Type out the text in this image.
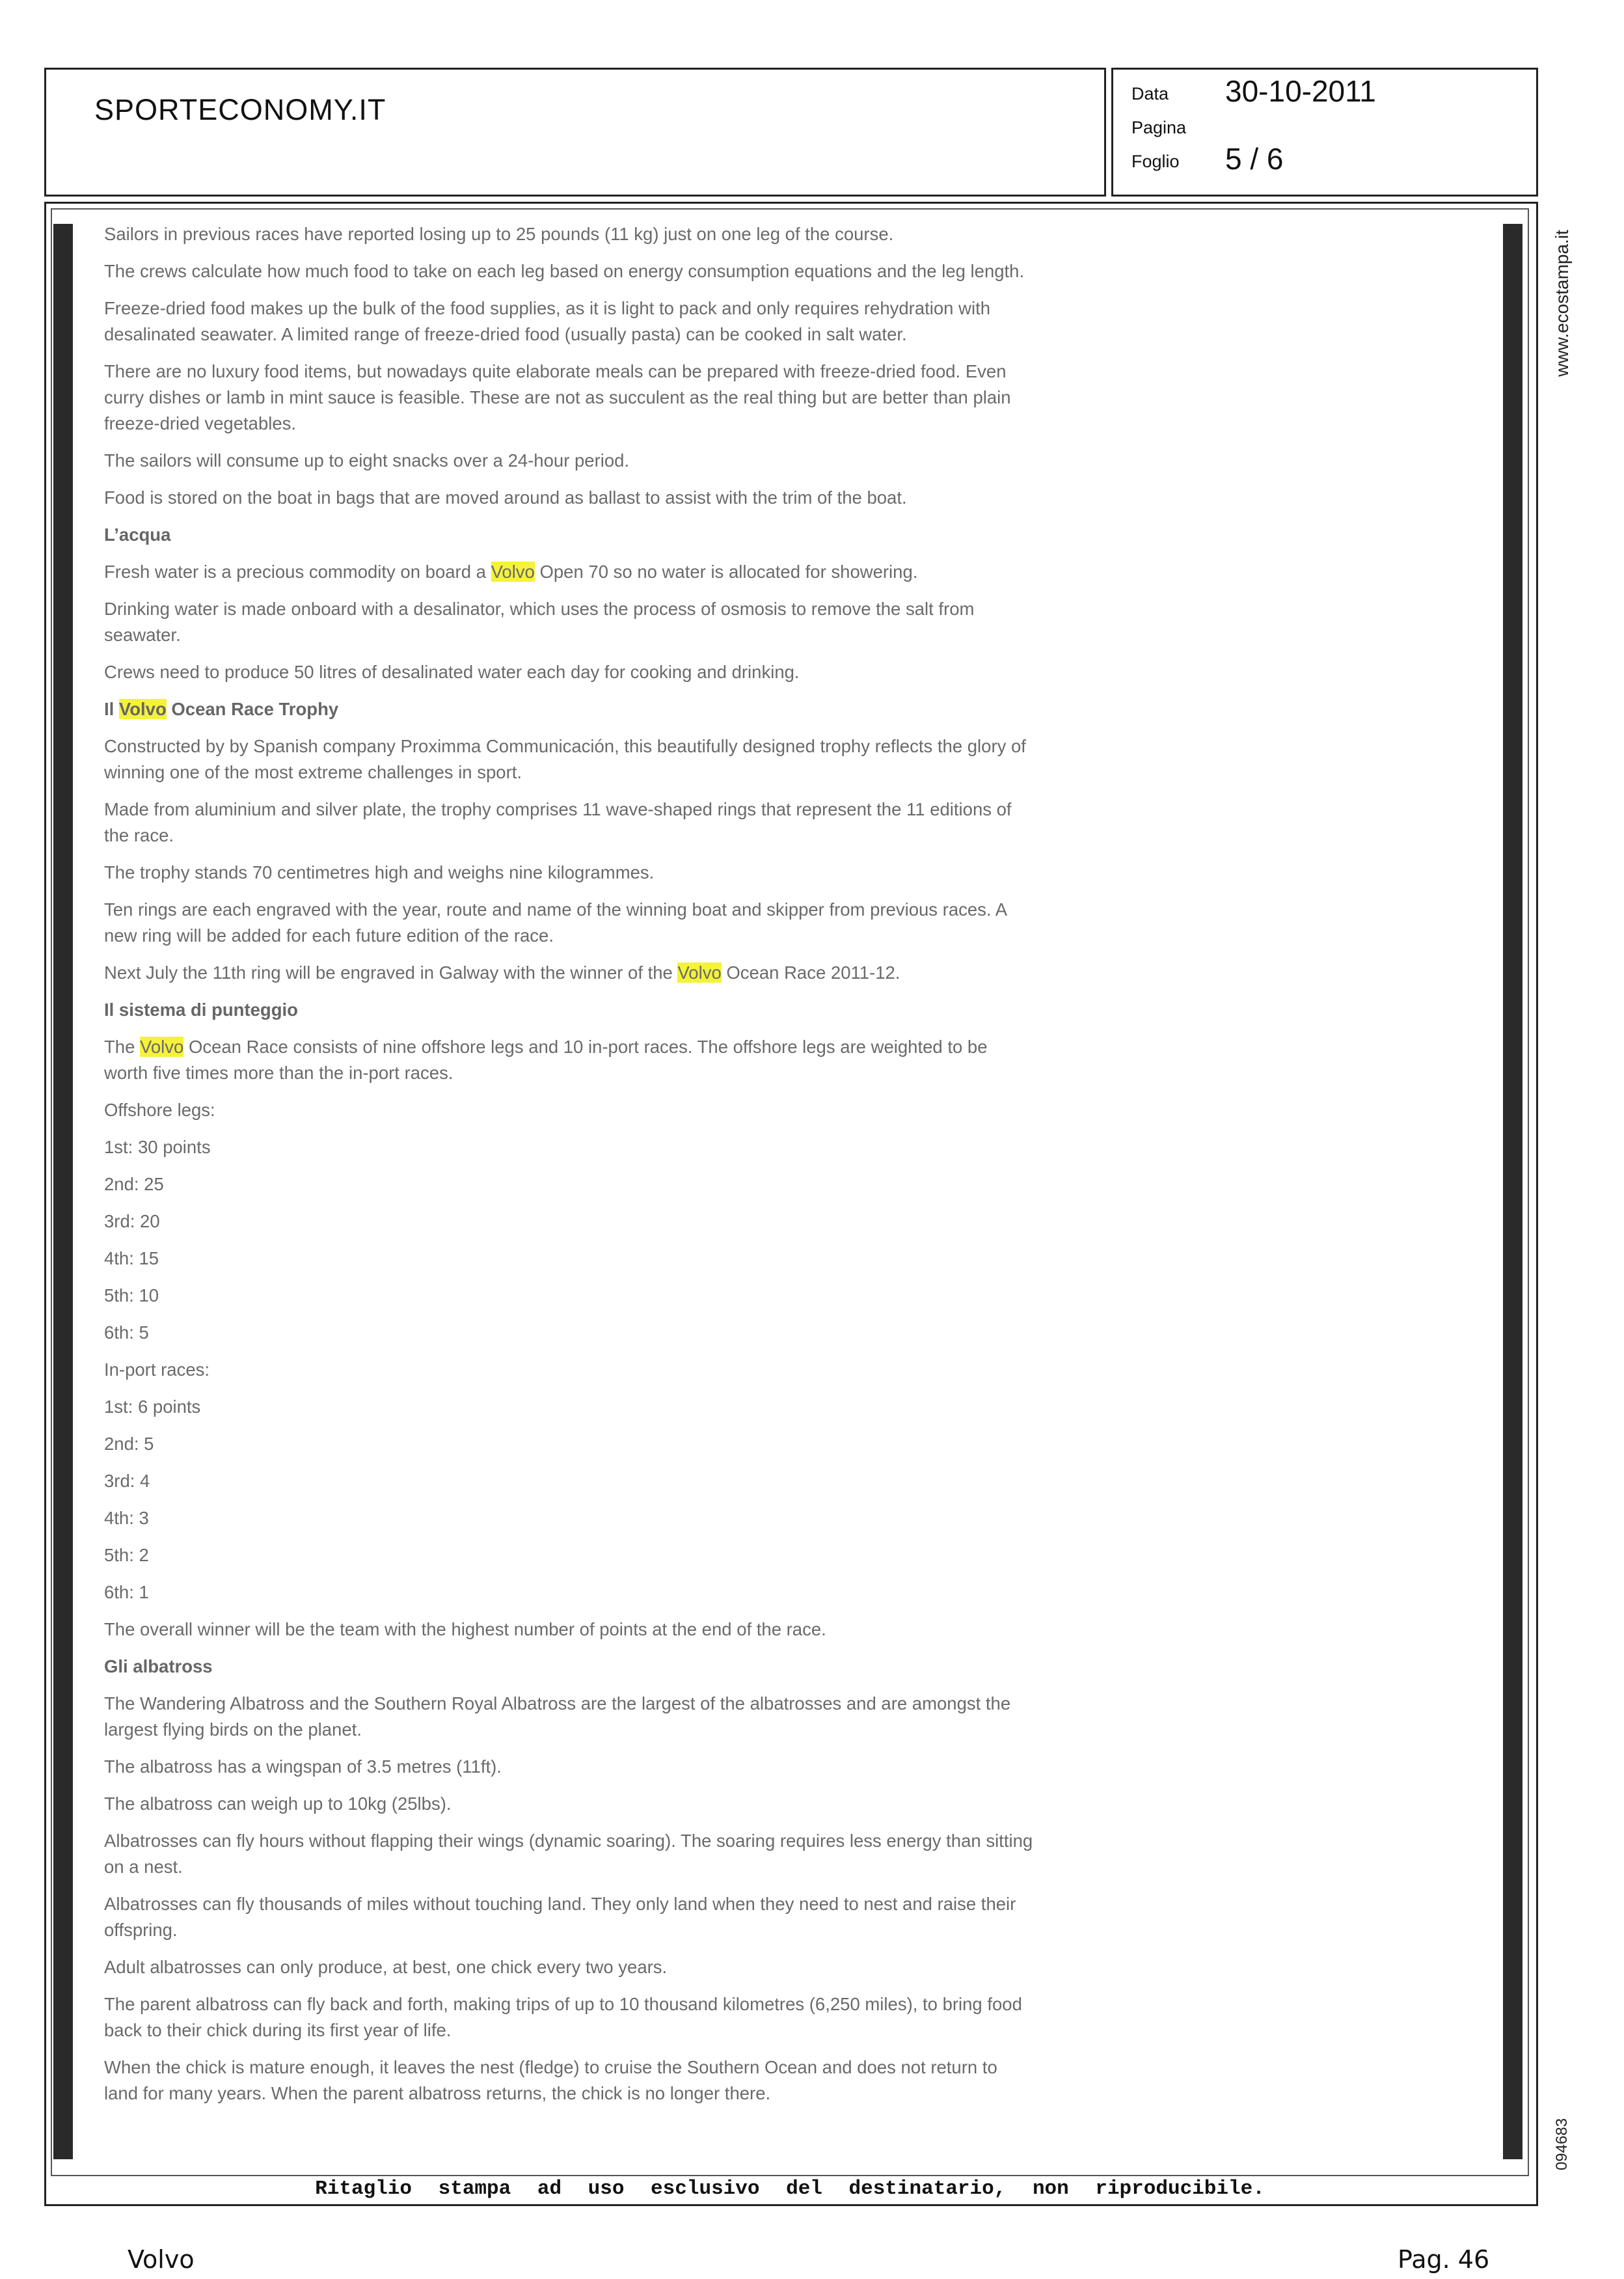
SPORTECONOMY.IT	Data 30-10-2011
Pagina
Foglio 5 / 6
www.ecostampa.it
094683

Sailors in previous races have reported losing up to 25 pounds (11 kg) just on one leg of the course.

The crews calculate how much food to take on each leg based on energy consumption equations and the leg length.

Freeze-dried food makes up the bulk of the food supplies, as it is light to pack and only requires rehydration with desalinated seawater. A limited range of freeze-dried food (usually pasta) can be cooked in salt water.

There are no luxury food items, but nowadays quite elaborate meals can be prepared with freeze-dried food. Even curry dishes or lamb in mint sauce is feasible. These are not as succulent as the real thing but are better than plain freeze-dried vegetables.

The sailors will consume up to eight snacks over a 24-hour period.

Food is stored on the boat in bags that are moved around as ballast to assist with the trim of the boat.

L’acqua

Fresh water is a precious commodity on board a Volvo Open 70 so no water is allocated for showering.

Drinking water is made onboard with a desalinator, which uses the process of osmosis to remove the salt from seawater.

Crews need to produce 50 litres of desalinated water each day for cooking and drinking.

Il Volvo Ocean Race Trophy

Constructed by by Spanish company Proximma Communicación, this beautifully designed trophy reflects the glory of winning one of the most extreme challenges in sport.

Made from aluminium and silver plate, the trophy comprises 11 wave-shaped rings that represent the 11 editions of the race.

The trophy stands 70 centimetres high and weighs nine kilogrammes.

Ten rings are each engraved with the year, route and name of the winning boat and skipper from previous races. A new ring will be added for each future edition of the race.

Next July the 11th ring will be engraved in Galway with the winner of the Volvo Ocean Race 2011-12.

Il sistema di punteggio

The Volvo Ocean Race consists of nine offshore legs and 10 in-port races. The offshore legs are weighted to be worth five times more than the in-port races.

Offshore legs:

1st: 30 points

2nd: 25

3rd: 20

4th: 15

5th: 10

6th: 5

In-port races:

1st: 6 points

2nd: 5

3rd: 4

4th: 3

5th: 2

6th: 1

The overall winner will be the team with the highest number of points at the end of the race.

Gli albatross

The Wandering Albatross and the Southern Royal Albatross are the largest of the albatrosses and are amongst the largest flying birds on the planet.

The albatross has a wingspan of 3.5 metres (11ft).

The albatross can weigh up to 10kg (25lbs).

Albatrosses can fly hours without flapping their wings (dynamic soaring). The soaring requires less energy than sitting on a nest.

Albatrosses can fly thousands of miles without touching land. They only land when they need to nest and raise their offspring.

Adult albatrosses can only produce, at best, one chick every two years.

The parent albatross can fly back and forth, making trips of up to 10 thousand kilometres (6,250 miles), to bring food back to their chick during its first year of life.

When the chick is mature enough, it leaves the nest (fledge) to cruise the Southern Ocean and does not return to land for many years. When the parent albatross returns, the chick is no longer there.

Ritaglio stampa ad uso esclusivo del destinatario, non riproducibile.
Volvo	Pag. 46
